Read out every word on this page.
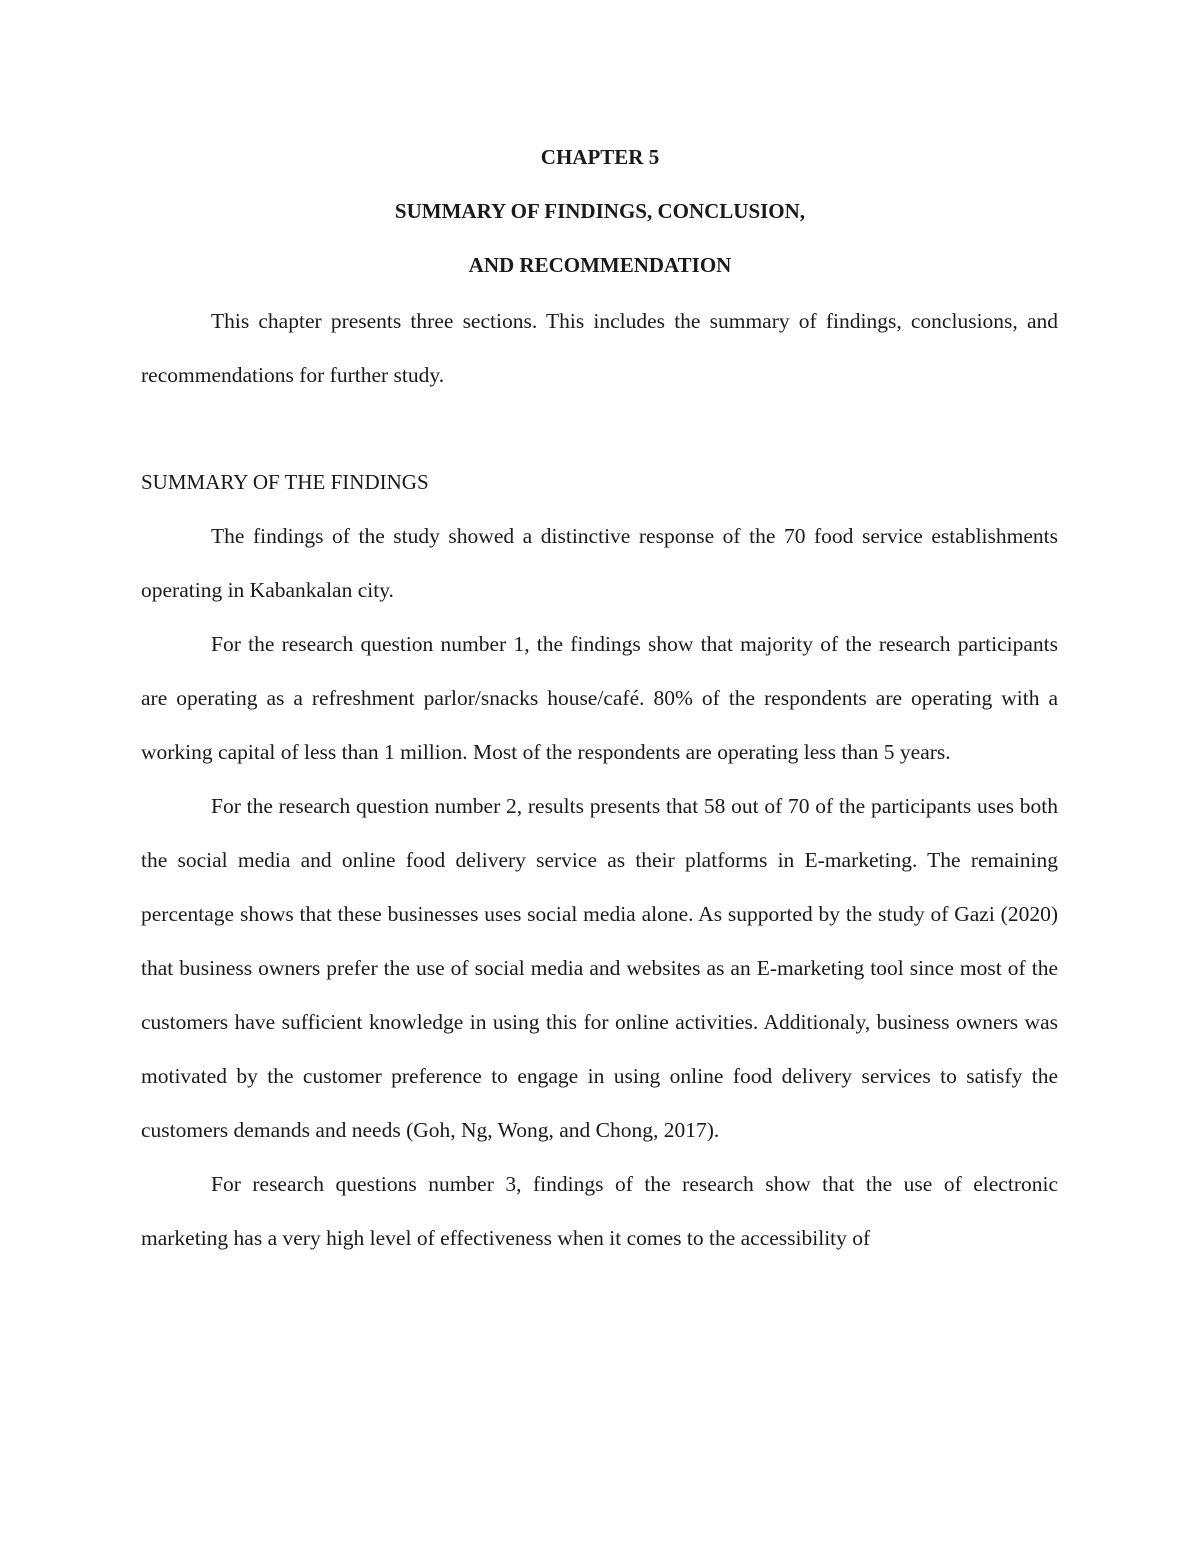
CHAPTER 5
SUMMARY OF FINDINGS, CONCLUSION,
AND RECOMMENDATION

This chapter presents three sections. This includes the summary of findings, conclusions, and recommendations for further study.

SUMMARY OF THE FINDINGS

The findings of the study showed a distinctive response of the 70 food service establishments operating in Kabankalan city.

For the research question number 1, the findings show that majority of the research participants are operating as a refreshment parlor/snacks house/café. 80% of the respondents are operating with a working capital of less than 1 million. Most of the respondents are operating less than 5 years.

For the research question number 2, results presents that 58 out of 70 of the participants uses both the social media and online food delivery service as their platforms in E-marketing. The remaining percentage shows that these businesses uses social media alone. As supported by the study of Gazi (2020) that business owners prefer the use of social media and websites as an E-marketing tool since most of the customers have sufficient knowledge in using this for online activities. Additionaly, business owners was motivated by the customer preference to engage in using online food delivery services to satisfy the customers demands and needs (Goh, Ng, Wong, and Chong, 2017).

For research questions number 3, findings of the research show that the use of electronic marketing has a very high level of effectiveness when it comes to the accessibility of
